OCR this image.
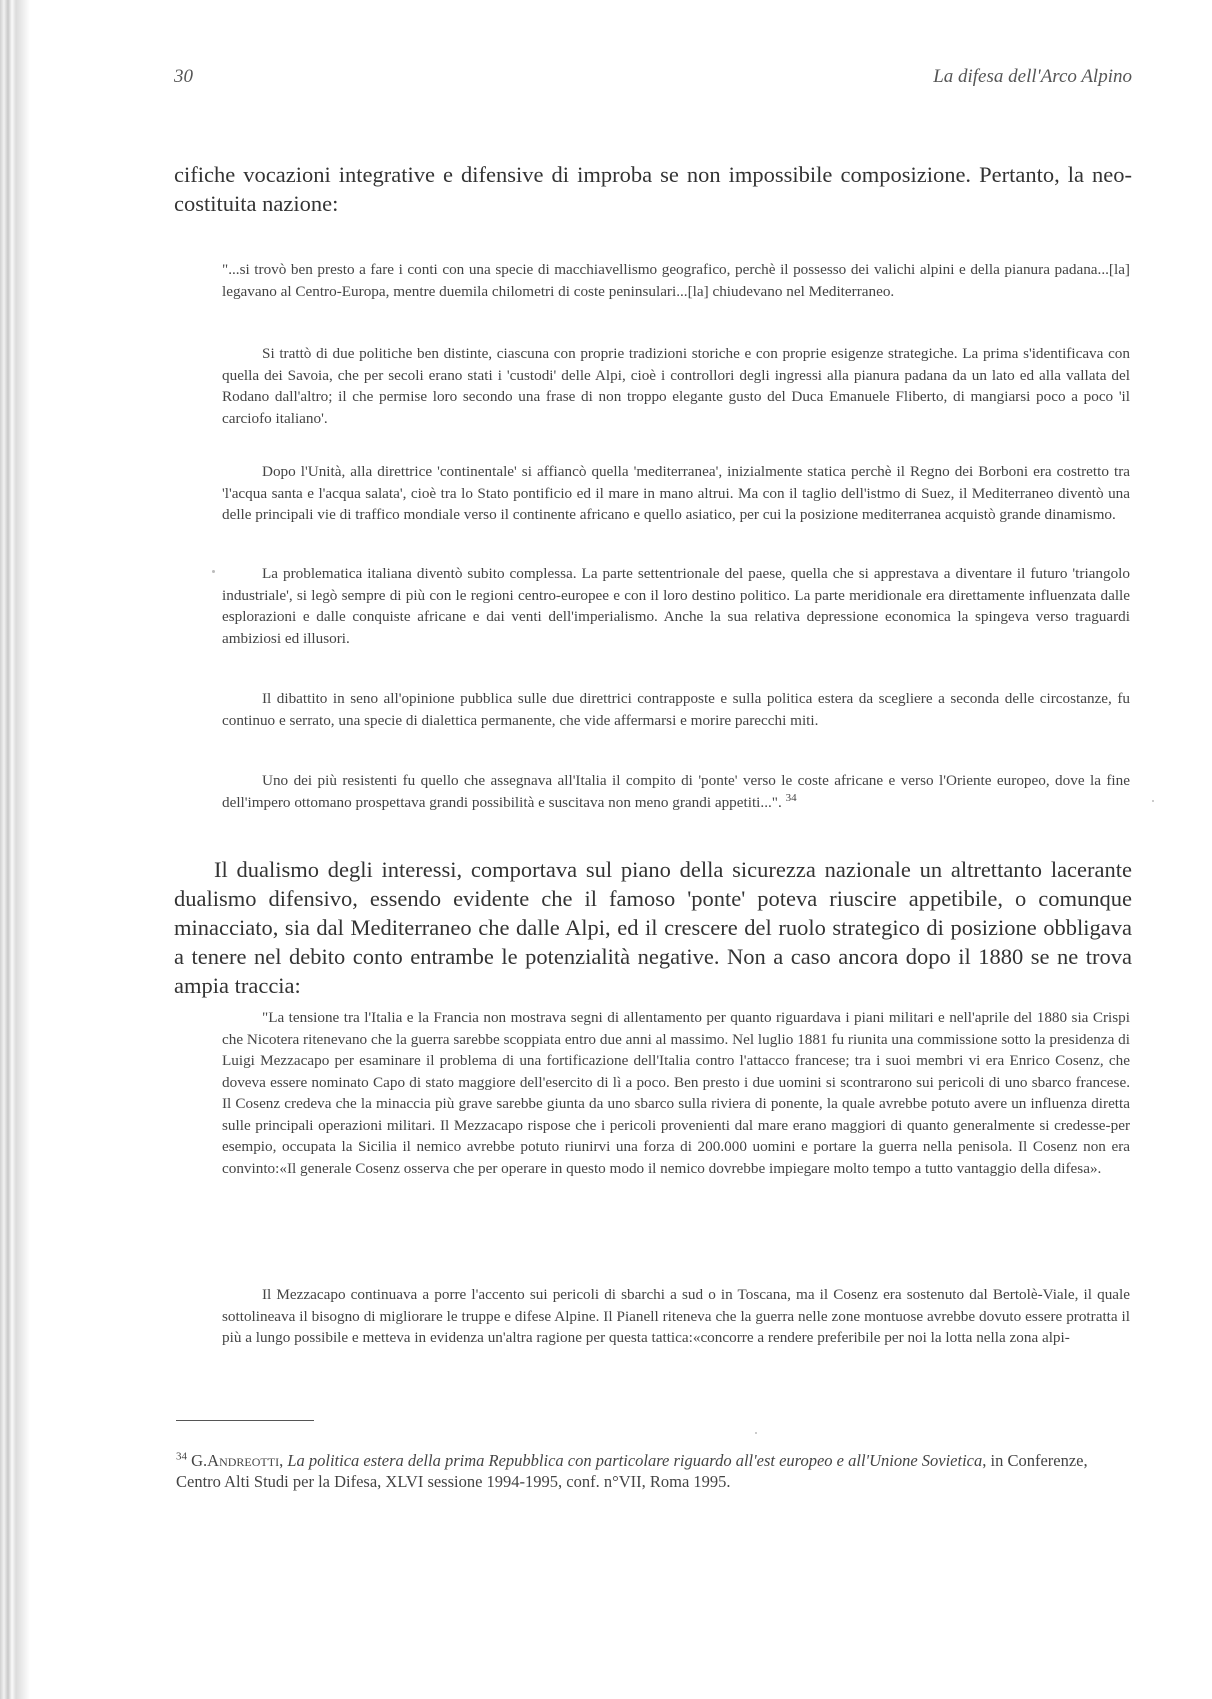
30	La difesa dell'Arco Alpino

cifiche vocazioni integrative e difensive di improba se non impossibile composizione. Pertanto, la neo-costituita nazione:

"...si trovò ben presto a fare i conti con una specie di macchiavellismo geografico, perchè il possesso dei valichi alpini e della pianura padana...[la] legavano al Centro-Europa, mentre duemila chilometri di coste peninsulari...[la] chiudevano nel Mediterraneo.

Si trattò di due politiche ben distinte, ciascuna con proprie tradizioni storiche e con proprie esigenze strategiche. La prima s'identificava con quella dei Savoia, che per secoli erano stati i 'custodi' delle Alpi, cioè i controllori degli ingressi alla pianura padana da un lato ed alla vallata del Rodano dall'altro; il che permise loro secondo una frase di non troppo elegante gusto del Duca Emanuele Fliberto, di mangiarsi poco a poco 'il carciofo italiano'.

Dopo l'Unità, alla direttrice 'continentale' si affiancò quella 'mediterranea', inizialmente statica perchè il Regno dei Borboni era costretto tra 'l'acqua santa e l'acqua salata', cioè tra lo Stato pontificio ed il mare in mano altrui. Ma con il taglio dell'istmo di Suez, il Mediterraneo diventò una delle principali vie di traffico mondiale verso il continente africano e quello asiatico, per cui la posizione mediterranea acquistò grande dinamismo.

La problematica italiana diventò subito complessa. La parte settentrionale del paese, quella che si apprestava a diventare il futuro 'triangolo industriale', si legò sempre di più con le regioni centro-europee e con il loro destino politico. La parte meridionale era direttamente influenzata dalle esplorazioni e dalle conquiste africane e dai venti dell'imperialismo. Anche la sua relativa depressione economica la spingeva verso traguardi ambiziosi ed illusori.

Il dibattito in seno all'opinione pubblica sulle due direttrici contrapposte e sulla politica estera da scegliere a seconda delle circostanze, fu continuo e serrato, una specie di dialettica permanente, che vide affermarsi e morire parecchi miti.

Uno dei più resistenti fu quello che assegnava all'Italia il compito di 'ponte' verso le coste africane e verso l'Oriente europeo, dove la fine dell'impero ottomano prospettava grandi possibilità e suscitava non meno grandi appetiti...". $^{34}$

Il dualismo degli interessi, comportava sul piano della sicurezza nazionale un altrettanto lacerante dualismo difensivo, essendo evidente che il famoso 'ponte' poteva riuscire appetibile, o comunque minacciato, sia dal Mediterraneo che dalle Alpi, ed il crescere del ruolo strategico di posizione obbligava a tenere nel debito conto entrambe le potenzialità negative. Non a caso ancora dopo il 1880 se ne trova ampia traccia:

"La tensione tra l'Italia e la Francia non mostrava segni di allentamento per quanto riguardava i piani militari e nell'aprile del 1880 sia Crispi che Nicotera ritenevano che la guerra sarebbe scoppiata entro due anni al massimo. Nel luglio 1881 fu riunita una commissione sotto la presidenza di Luigi Mezzacapo per esaminare il problema di una fortificazione dell'Italia contro l'attacco francese; tra i suoi membri vi era Enrico Cosenz, che doveva essere nominato Capo di stato maggiore dell'esercito di lì a poco. Ben presto i due uomini si scontrarono sui pericoli di uno sbarco francese. Il Cosenz credeva che la minaccia più grave sarebbe giunta da uno sbarco sulla riviera di ponente, la quale avrebbe potuto avere un influenza diretta sulle principali operazioni militari. Il Mezzacapo rispose che i pericoli provenienti dal mare erano maggiori di quanto generalmente si credesse-per esempio, occupata la Sicilia il nemico avrebbe potuto riunirvi una forza di 200.000 uomini e portare la guerra nella penisola. Il Cosenz non era convinto:«Il generale Cosenz osserva che per operare in questo modo il nemico dovrebbe impiegare molto tempo a tutto vantaggio della difesa».

Il Mezzacapo continuava a porre l'accento sui pericoli di sbarchi a sud o in Toscana, ma il Cosenz era sostenuto dal Bertolè-Viale, il quale sottolineava il bisogno di migliorare le truppe e difese Alpine. Il Pianell riteneva che la guerra nelle zone montuose avrebbe dovuto essere protratta il più a lungo possibile e metteva in evidenza un'altra ragione per questa tattica:«concorre a rendere preferibile per noi la lotta nella zona alpi-

$^{34}$ G.Andreotti, La politica estera della prima Repubblica con particolare riguardo all'est europeo e all'Unione Sovietica, in Conferenze, Centro Alti Studi per la Difesa, XLVI sessione 1994-1995, conf. n°VII, Roma 1995.
